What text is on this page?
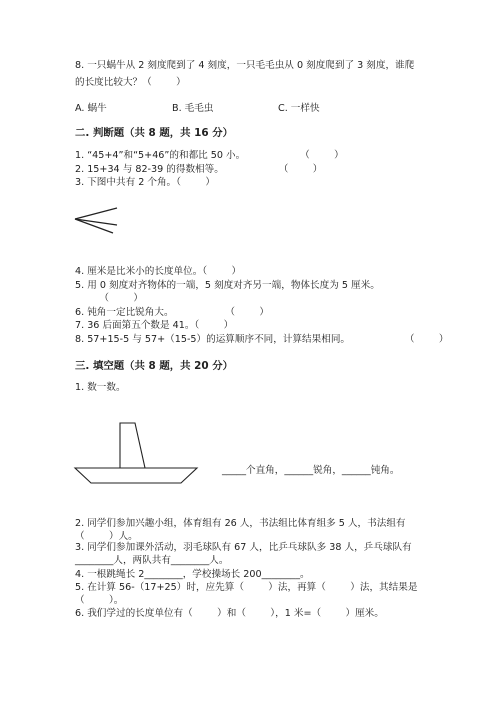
8. 一只蜗牛从 2 刻度爬到了 4 刻度，一只毛毛虫从 0 刻度爬到了 3 刻度，谁爬
的长度比较大？（        ）
A. 蜗牛	B. 毛毛虫	C. 一样快
二. 判断题（共 8 题，共 16 分）
1. “45+4”和“5+46”的和都比 50 小。                  （        ）
2. 15+34 与 82-39 的得数相等。                  （        ）
3. 下图中共有 2 个角。（        ）
4. 厘米是比米小的长度单位。（        ）
5. 用 0 刻度对齐物体的一端，5 刻度对齐另一端，物体长度为 5 厘米。
（        ）
6. 钝角一定比锐角大。                 （        ）
7. 36 后面第五个数是 41。（        ）
8. 57+15-5 与 57+（15-5）的运算顺序不同，计算结果相同。                  （        ）
三. 填空题（共 8 题，共 20 分）
1. 数一数。
_____个直角，______锐角，______钝角。
2. 同学们参加兴趣小组，体育组有 26 人，书法组比体育组多 5 人，书法组有
（        ）人。
3. 同学们参加课外活动，羽毛球队有 67 人，比乒乓球队多 38 人，乒乓球队有
________人，两队共有________人。
4. 一根跳绳长 2________，学校操场长 200________。
5. 在计算 56-（17+25）时，应先算（        ）法，再算（        ）法，其结果是
（        ）。
6. 我们学过的长度单位有（        ）和（        ），1 米=（        ）厘米。
